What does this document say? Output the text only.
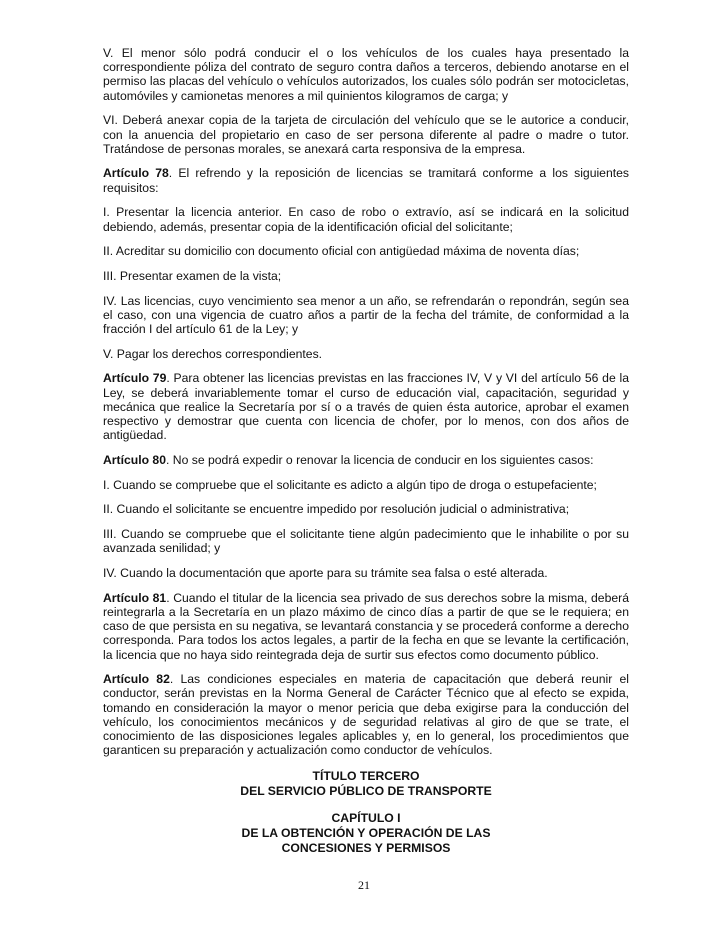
V. El menor sólo podrá conducir el o los vehículos de los cuales haya presentado la correspondiente póliza del contrato de seguro contra daños a terceros, debiendo anotarse en el permiso las placas del vehículo o vehículos autorizados, los cuales sólo podrán ser motocicletas, automóviles y camionetas menores a mil quinientos kilogramos de carga; y

VI. Deberá anexar copia de la tarjeta de circulación del vehículo que se le autorice a conducir, con la anuencia del propietario en caso de ser persona diferente al padre o madre o tutor. Tratándose de personas morales, se anexará carta responsiva de la empresa.

Artículo 78. El refrendo y la reposición de licencias se tramitará conforme a los siguientes requisitos:

I. Presentar la licencia anterior. En caso de robo o extravío, así se indicará en la solicitud debiendo, además, presentar copia de la identificación oficial del solicitante;

II. Acreditar su domicilio con documento oficial con antigüedad máxima de noventa días;

III. Presentar examen de la vista;

IV. Las licencias, cuyo vencimiento sea menor a un año, se refrendarán o repondrán, según sea el caso, con una vigencia de cuatro años a partir de la fecha del trámite, de conformidad a la fracción I del artículo 61 de la Ley; y

V. Pagar los derechos correspondientes.

Artículo 79. Para obtener las licencias previstas en las fracciones IV, V y VI del artículo 56 de la Ley, se deberá invariablemente tomar el curso de educación vial, capacitación, seguridad y mecánica que realice la Secretaría por sí o a través de quien ésta autorice, aprobar el examen respectivo y demostrar que cuenta con licencia de chofer, por lo menos, con dos años de antigüedad.

Artículo 80. No se podrá expedir o renovar la licencia de conducir en los siguientes casos:

I. Cuando se compruebe que el solicitante es adicto a algún tipo de droga o estupefaciente;

II. Cuando el solicitante se encuentre impedido por resolución judicial o administrativa;

III. Cuando se compruebe que el solicitante tiene algún padecimiento que le inhabilite o por su avanzada senilidad; y

IV. Cuando la documentación que aporte para su trámite sea falsa o esté alterada.

Artículo 81. Cuando el titular de la licencia sea privado de sus derechos sobre la misma, deberá reintegrarla a la Secretaría en un plazo máximo de cinco días a partir de que se le requiera; en caso de que persista en su negativa, se levantará constancia y se procederá conforme a derecho corresponda. Para todos los actos legales, a partir de la fecha en que se levante la certificación, la licencia que no haya sido reintegrada deja de surtir sus efectos como documento público.

Artículo 82. Las condiciones especiales en materia de capacitación que deberá reunir el conductor, serán previstas en la Norma General de Carácter Técnico que al efecto se expida, tomando en consideración la mayor o menor pericia que deba exigirse para la conducción del vehículo, los conocimientos mecánicos y de seguridad relativas al giro de que se trate, el conocimiento de las disposiciones legales aplicables y, en lo general, los procedimientos que garanticen su preparación y actualización como conductor de vehículos.

TÍTULO TERCERO

DEL SERVICIO PÚBLICO DE TRANSPORTE

CAPÍTULO I

DE LA OBTENCIÓN Y OPERACIÓN DE LAS

CONCESIONES Y PERMISOS

21
